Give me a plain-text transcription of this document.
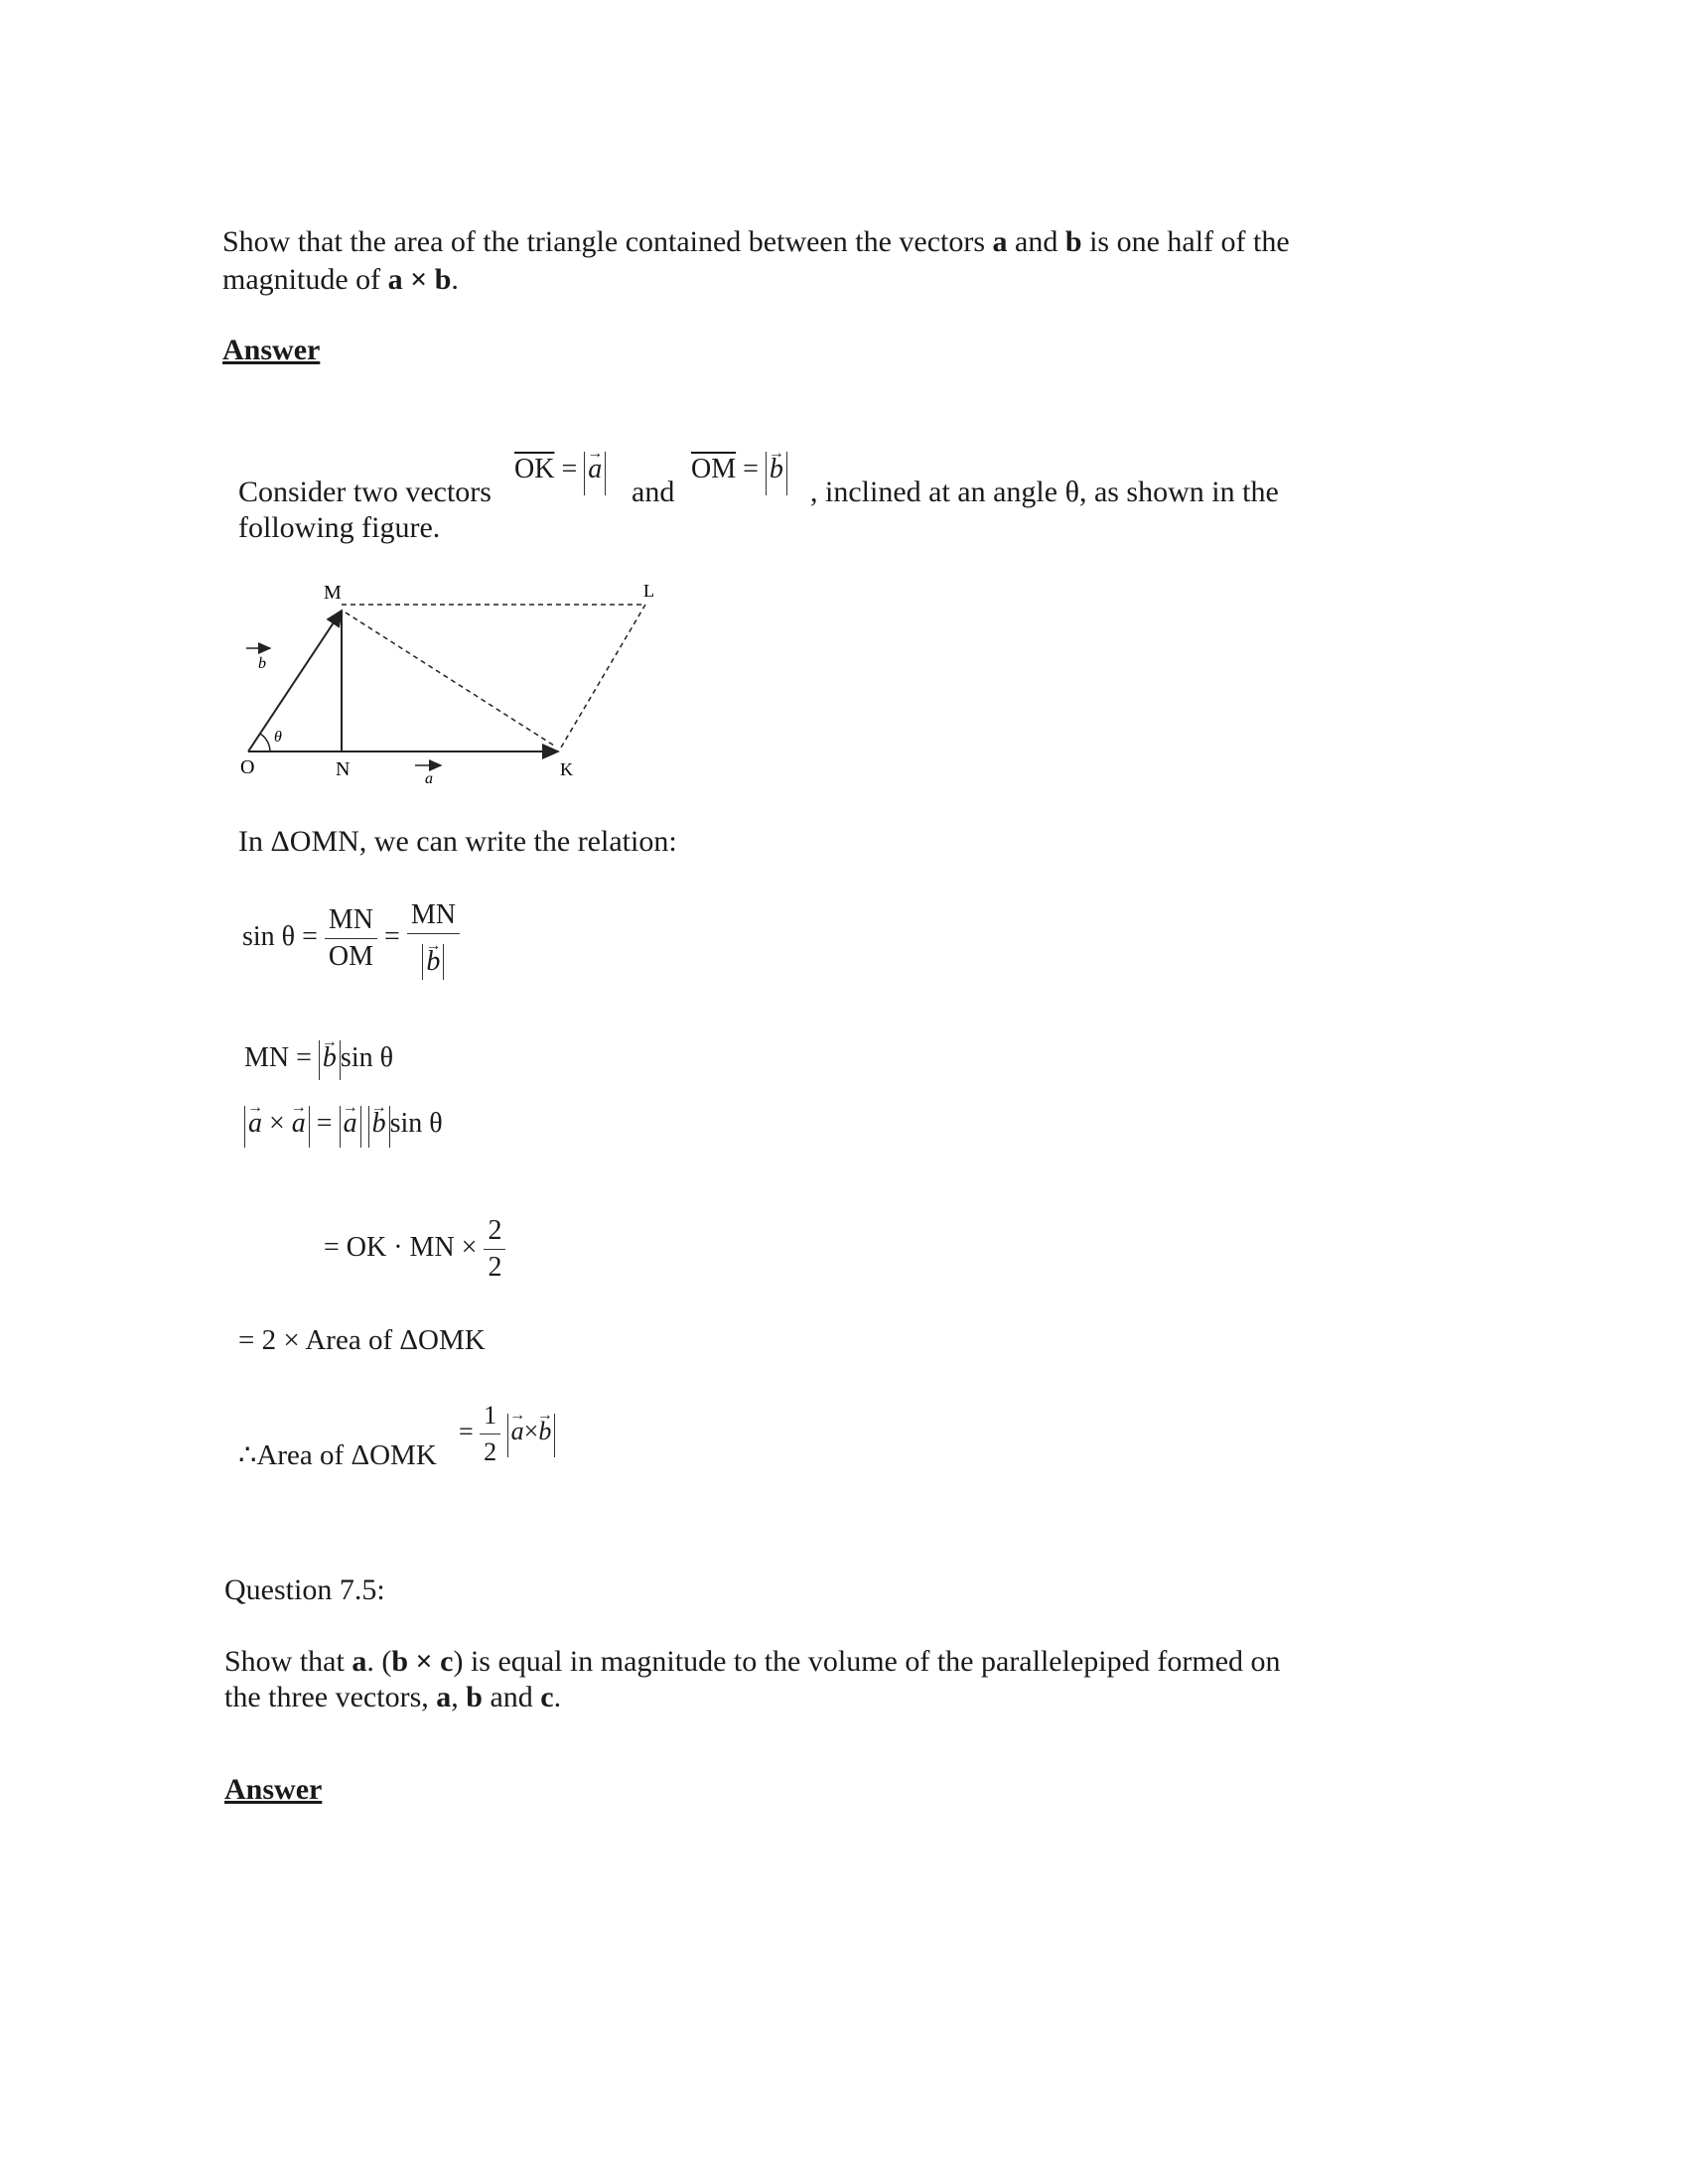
Show that the area of the triangle contained between the vectors a and b is one half of the
magnitude of a × b.
Answer
Consider two vectors
$\overline{OK}$ = → a
and
$\overline{OM}$ = → b
, inclined at an angle θ, as shown in the
following figure.
M	L
O	N	K
θ
b
a
In ΔOMN, we can write the relation:
$\sin \theta = \frac{MN}{OM}$ = MN
→ b
MN = → b sin θ
→ a × → a = → a → b sin θ
= OK · MN × $\frac{2}{2}$
= 2 × Area of ΔOMK
∴Area of ΔOMK
= $\frac{1}{2} \to a\times\to b$
Question 7.5:
Show that a. (b × c) is equal in magnitude to the volume of the parallelepiped formed on
the three vectors, a, b and c.
Answer
